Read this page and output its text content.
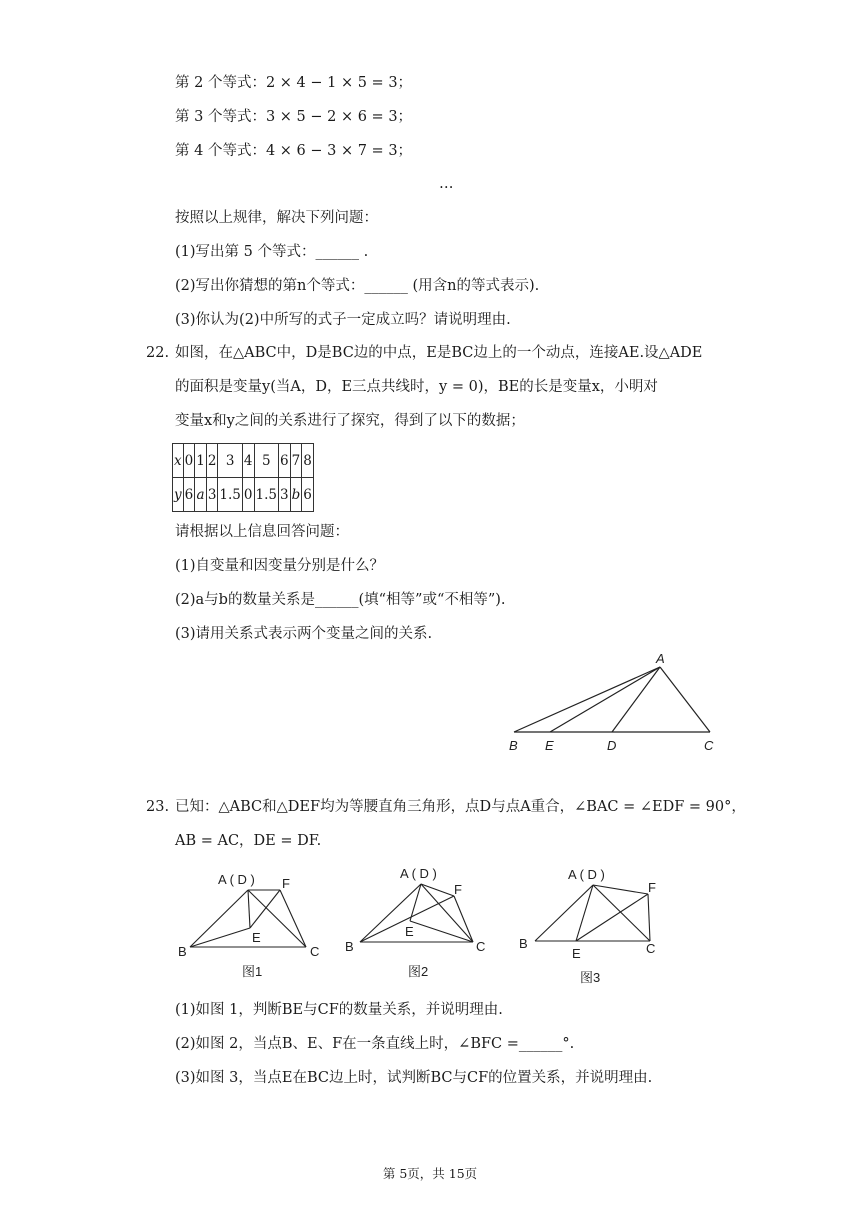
第 2 个等式：2 × 4 − 1 × 5 = 3；
第 3 个等式：3 × 5 − 2 × 6 = 3；
第 4 个等式：4 × 6 − 3 × 7 = 3；
…
按照以上规律，解决下列问题：
(1)写出第 5 个等式：______ .
(2)写出你猜想的第n个等式：______ (用含n的等式表示).
(3)你认为(2)中所写的式子一定成立吗？请说明理由.
22. 如图，在△ABC中，D是BC边的中点，E是BC边上的一个动点，连接AE.设△ADE
的面积是变量y(当A，D，E三点共线时，y = 0)，BE的长是变量x，小明对
变量x和y之间的关系进行了探究，得到了以下的数据；
x	0	1	2	3	4	5	6	7	8
y	6	a	3	1.5	0	1.5	3	b	6
请根据以上信息回答问题：
(1)自变量和因变量分别是什么？
(2)a与b的数量关系是______(填“相等”或“不相等”).
(3)请用关系式表示两个变量之间的关系.
A
B E	D	C
23. 已知：△ABC和△DEF均为等腰直角三角形，点D与点A重合，∠BAC = ∠EDF = 90°，
AB = AC，DE = DF.
A ( D ) F
E
B	C
图1
A ( D )
F
E
B	C
图2
A ( D )
F
E
B	C
图3
(1)如图 1，判断BE与CF的数量关系，并说明理由.
(2)如图 2，当点B、E、F在一条直线上时，∠BFC =______°.
(3)如图 3，当点E在BC边上时，试判断BC与CF的位置关系，并说明理由.
第 5页，共 15页
